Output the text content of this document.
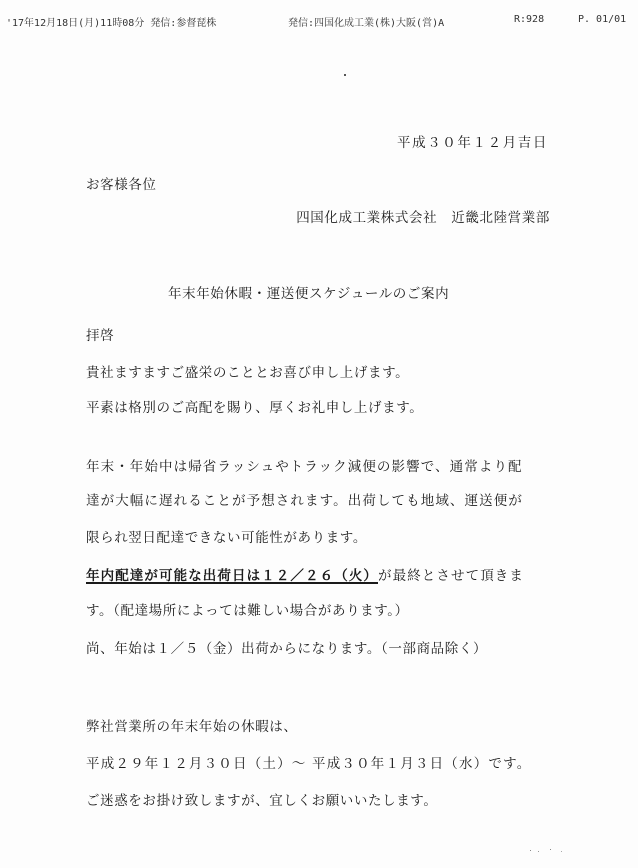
'17年12月18日(月)11時08分 発信:参督琵株	発信:四国化成工業(株)大阪(営)A	R:928	P. 01/01
平成３０年１２月吉日
お客様各位
四国化成工業株式会社　近畿北陸営業部
年末年始休暇・運送便スケジュールのご案内
拝啓
貴社ますますご盛栄のこととお喜び申し上げます。
平素は格別のご高配を賜り、厚くお礼申し上げます。
年末・年始中は帰省ラッシュやトラック減便の影響で、通常より配
達が大幅に遅れることが予想されます。出荷しても地域、運送便が
限られ翌日配達できない可能性があります。
年内配達が可能な出荷日は１２／２６（火）が最終とさせて頂きま
す。（配達場所によっては難しい場合があります。）
尚、年始は１／５（金）出荷からになります。（一部商品除く）
弊社営業所の年末年始の休暇は、
平成２９年１２月３０日（土）～ 平成３０年１月３日（水）です。
ご迷惑をお掛け致しますが、宜しくお願いいたします。
